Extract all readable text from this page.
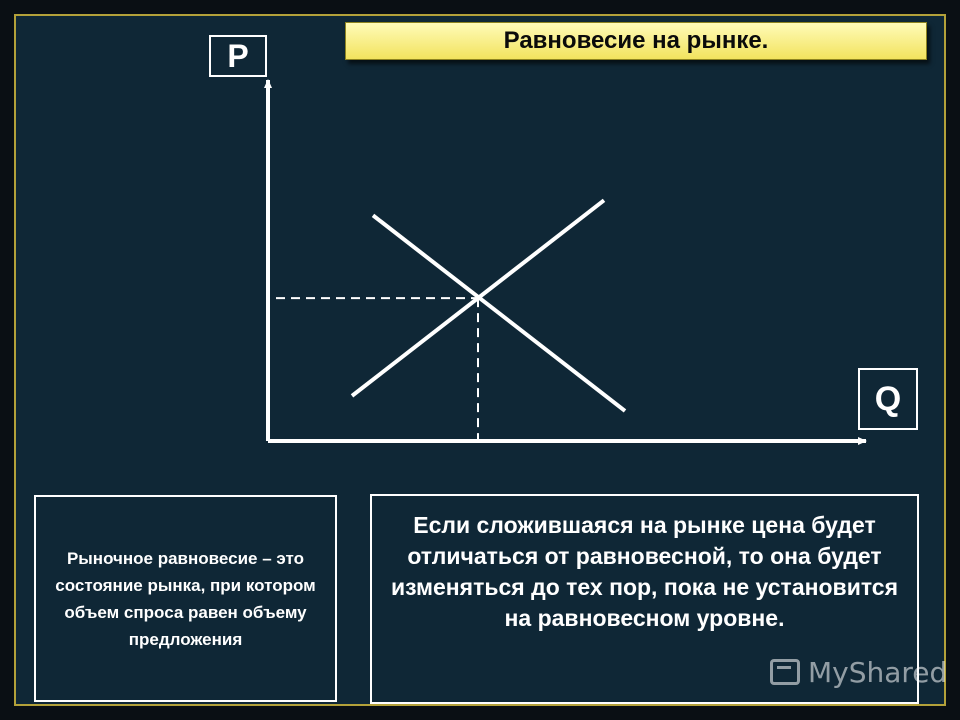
Равновесие на рынке.
P
Q
Рыночное равновесие – это состояние рынка, при котором объем спроса равен объему предложения
Если сложившаяся на рынке цена будет отличаться от равновесной, то она будет изменяться до тех пор, пока не установится на равновесном уровне.
MyShared
